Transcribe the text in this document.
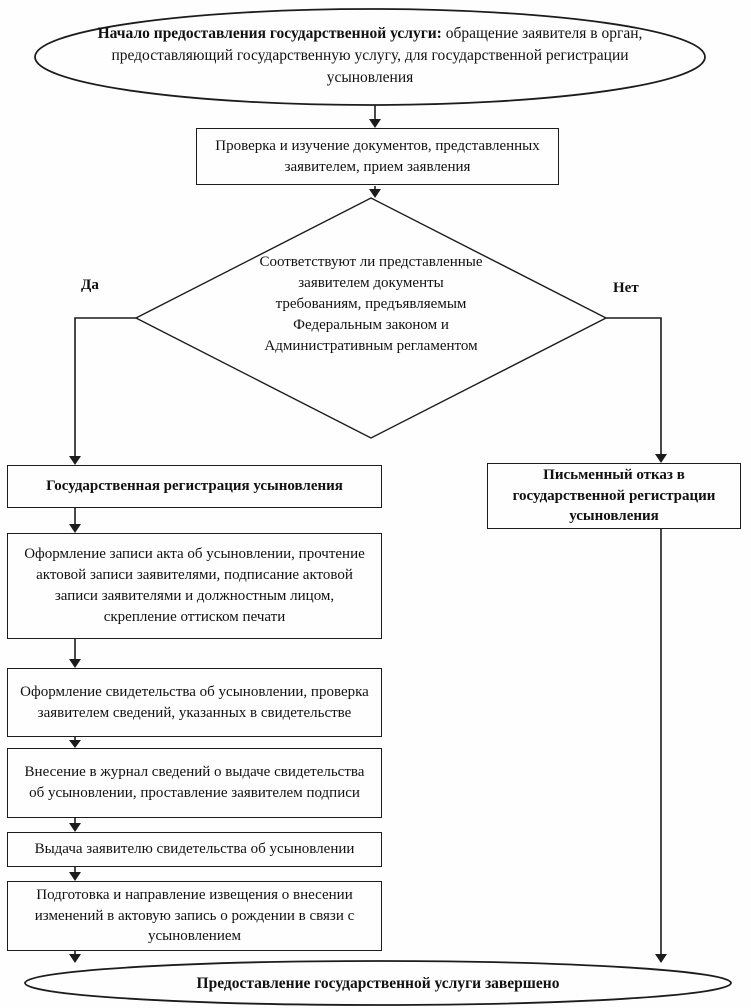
Начало предоставления государственной услуги: обращение заявителя в орган, предоставляющий государственную услугу, для государственной регистрации усыновления
Проверка и изучение документов, представленных заявителем, прием заявления
Соответствуют ли представленные заявителем документы требованиям, предъявляемым Федеральным законом и Административным регламентом
Да	Нет
Государственная регистрация усыновления
Письменный отказ в государственной регистрации усыновления
Оформление записи акта об усыновлении, прочтение актовой записи заявителями, подписание актовой записи заявителями и должностным лицом, скрепление оттиском печати
Оформление свидетельства об усыновлении, проверка заявителем сведений, указанных в свидетельстве
Внесение в журнал сведений о выдаче свидетельства об усыновлении, проставление заявителем подписи
Выдача заявителю свидетельства об усыновлении
Подготовка и направление извещения о внесении изменений в актовую запись о рождении в связи с усыновлением
Предоставление государственной услуги завершено
